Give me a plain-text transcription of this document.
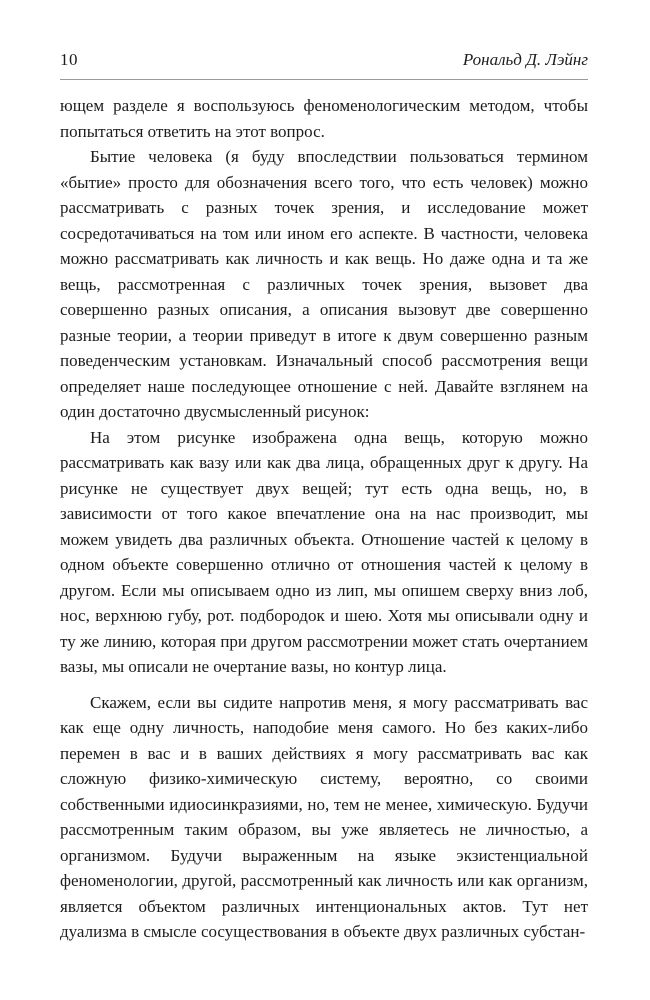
10	Рональд Д. Лэйнг

ющем разделе я воспользуюсь феноменологическим методом, чтобы попытаться ответить на этот вопрос.

Бытие человека (я буду впоследствии пользоваться термином «бытие» просто для обозначения всего того, что есть человек) можно рассматривать с разных точек зрения, и исследование может сосредотачиваться на том или ином его аспекте. В частности, человека можно рассматривать как личность и как вещь. Но даже одна и та же вещь, рассмотренная с различных точек зрения, вызовет два совершенно разных описания, а описания вызовут две совершенно разные теории, а теории приведут в итоге к двум совершенно разным поведенческим установкам. Изначальный способ рассмотрения вещи определяет наше последующее отношение с ней. Давайте взглянем на один достаточно двусмысленный рисунок:

На этом рисунке изображена одна вещь, которую можно рассматривать как вазу или как два лица, обращенных друг к другу. На рисунке не существует двух вещей; тут есть одна вещь, но, в зависимости от того какое впечатление она на нас производит, мы можем увидеть два различных объекта. Отношение частей к целому в одном объекте совершенно отлично от отношения частей к целому в другом. Если мы описываем одно из лип, мы опишем сверху вниз лоб, нос, верхнюю губу, рот. подбородок и шею. Хотя мы описывали одну и ту же линию, которая при другом рассмотрении может стать очертанием вазы, мы описали не очертание вазы, но контур лица.

Скажем, если вы сидите напротив меня, я могу рассматривать вас как еще одну личность, наподобие меня самого. Но без каких-либо перемен в вас и в ваших действиях я могу рассматривать вас как сложную физико-химическую систему, вероятно, со своими собственными идиосинкразиями, но, тем не менее, химическую. Будучи рассмотренным таким образом, вы уже являетесь не личностью, а организмом. Будучи выраженным на языке экзистенциальной феноменологии, другой, рассмотренный как личность или как организм, является объектом различных интенциональных актов. Тут нет дуализма в смысле сосуществования в объекте двух различных субстан-
